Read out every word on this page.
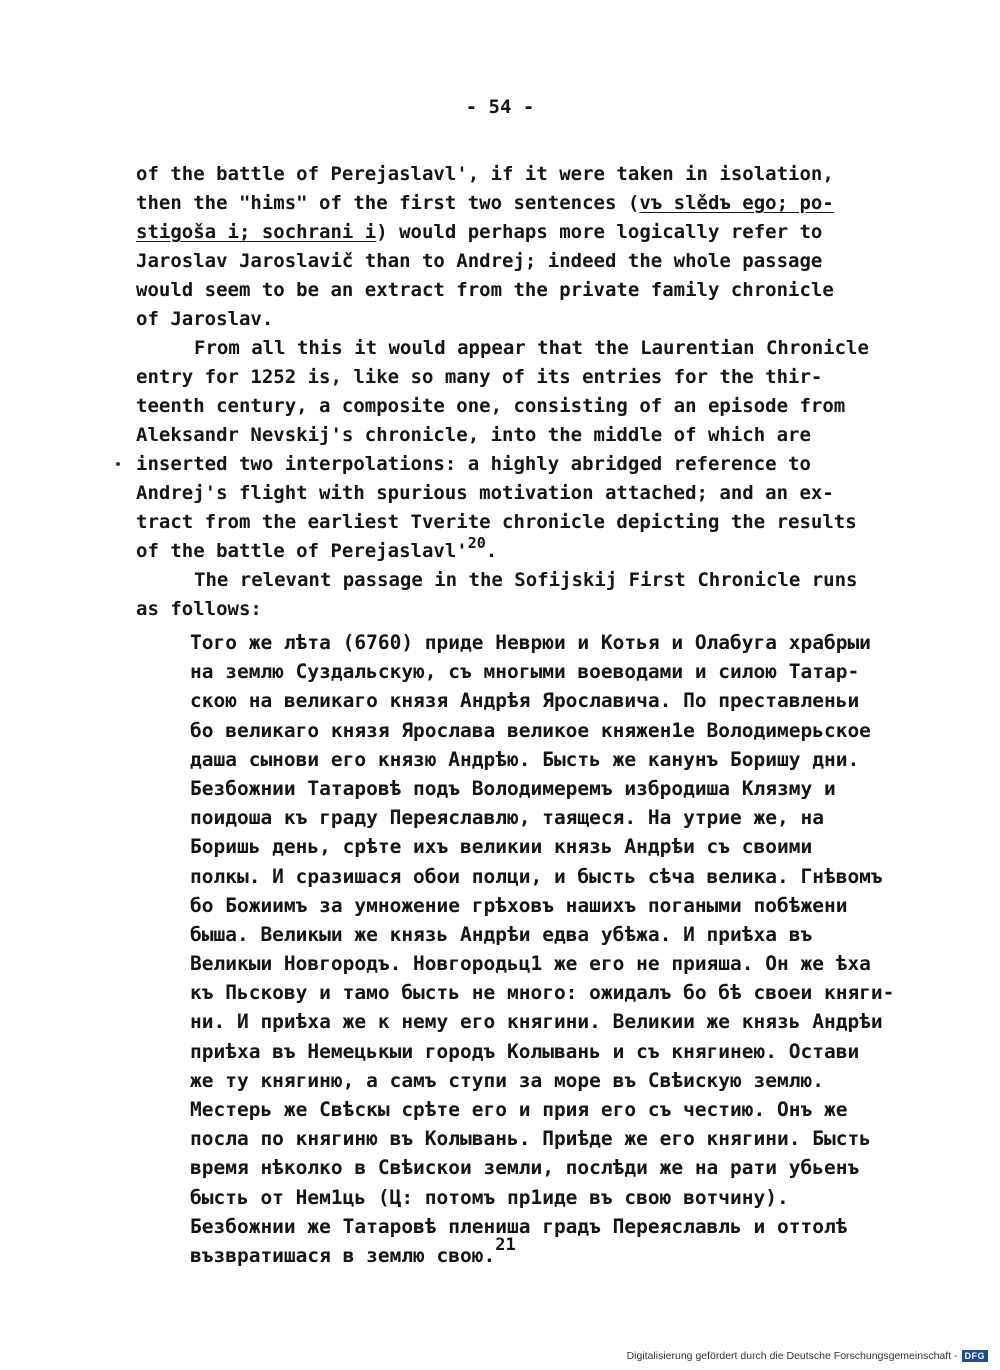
- 54 -
of the battle of Perejaslavl', if it were taken in isolation,
then the "hims" of the first two sentences (vъ slědъ ego; po-
stigoša i; sochrani i) would perhaps more logically refer to
Jaroslav Jaroslavič than to Andrej; indeed the whole passage
would seem to be an extract from the private family chronicle
of Jaroslav.
From all this it would appear that the Laurentian Chronicle
entry for 1252 is, like so many of its entries for the thir-
teenth century, a composite one, consisting of an episode from
Aleksandr Nevskij's chronicle, into the middle of which are
inserted two interpolations: a highly abridged reference to
Andrej's flight with spurious motivation attached; and an ex-
tract from the earliest Tverite chronicle depicting the results
of the battle of $Perejaslavl'^{20}$.
The relevant passage in the Sofijskij First Chronicle runs
as follows:
Того же лѣта (6760) приде Неврюи и Котья и Олабуга храбрыи
на землю Суздальскую, съ многыми воеводами и силою Татар-
скою на великаго князя Андрѣя Ярославича. По преставленьи
бо великаго князя Ярослава великое княжен1е Володимерьское
даша сынови его князю Андрѣю. Бысть же канунъ Боришу дни.
Безбожнии Татаровѣ подъ Володимеремъ избродиша Клязму и
поидоша къ граду Переяславлю, таящеся. На утрие же, на
Боришь день, срѣте ихъ великии князь Андрѣи съ своими
полкы. И сразишася обои полци, и бысть сѣча велика. Гнѣвомъ
бо Божиимъ за умножение грѣховъ нашихъ погаными побѣжени
быша. Великыи же князь Андрѣи едва убѣжа. И приѣха въ
Великыи Новгородъ. Новгородьц1 же его не прияша. Он же ѣха
къ Пьскову и тамо бысть не много: ожидалъ бо бѣ своеи княги-
ни. И приѣха же к нему его княгини. Великии же князь Андрѣи
приѣха въ Немецькыи городъ Колывань и съ княгинею. Остави
же ту княгиню, а самъ ступи за море въ Свѣискую землю.
Местерь же Свѣскы срѣте его и прия его съ честию. Онъ же
посла по княгиню въ Колывань. Приѣде же его княгини. Бысть
время нѣколко в Свѣискои земли, послѣди же на рати убьенъ
бысть от Нем1ць (Ц: потомъ пр1иде въ свою вотчину).
Безбожнии же Татаровѣ плениша градъ Переяславль и оттолѣ
възвратишася в землю свою.$^{21}$
Digitalisierung gefördert durch die Deutsche Forschungsgemeinschaft - DFG
